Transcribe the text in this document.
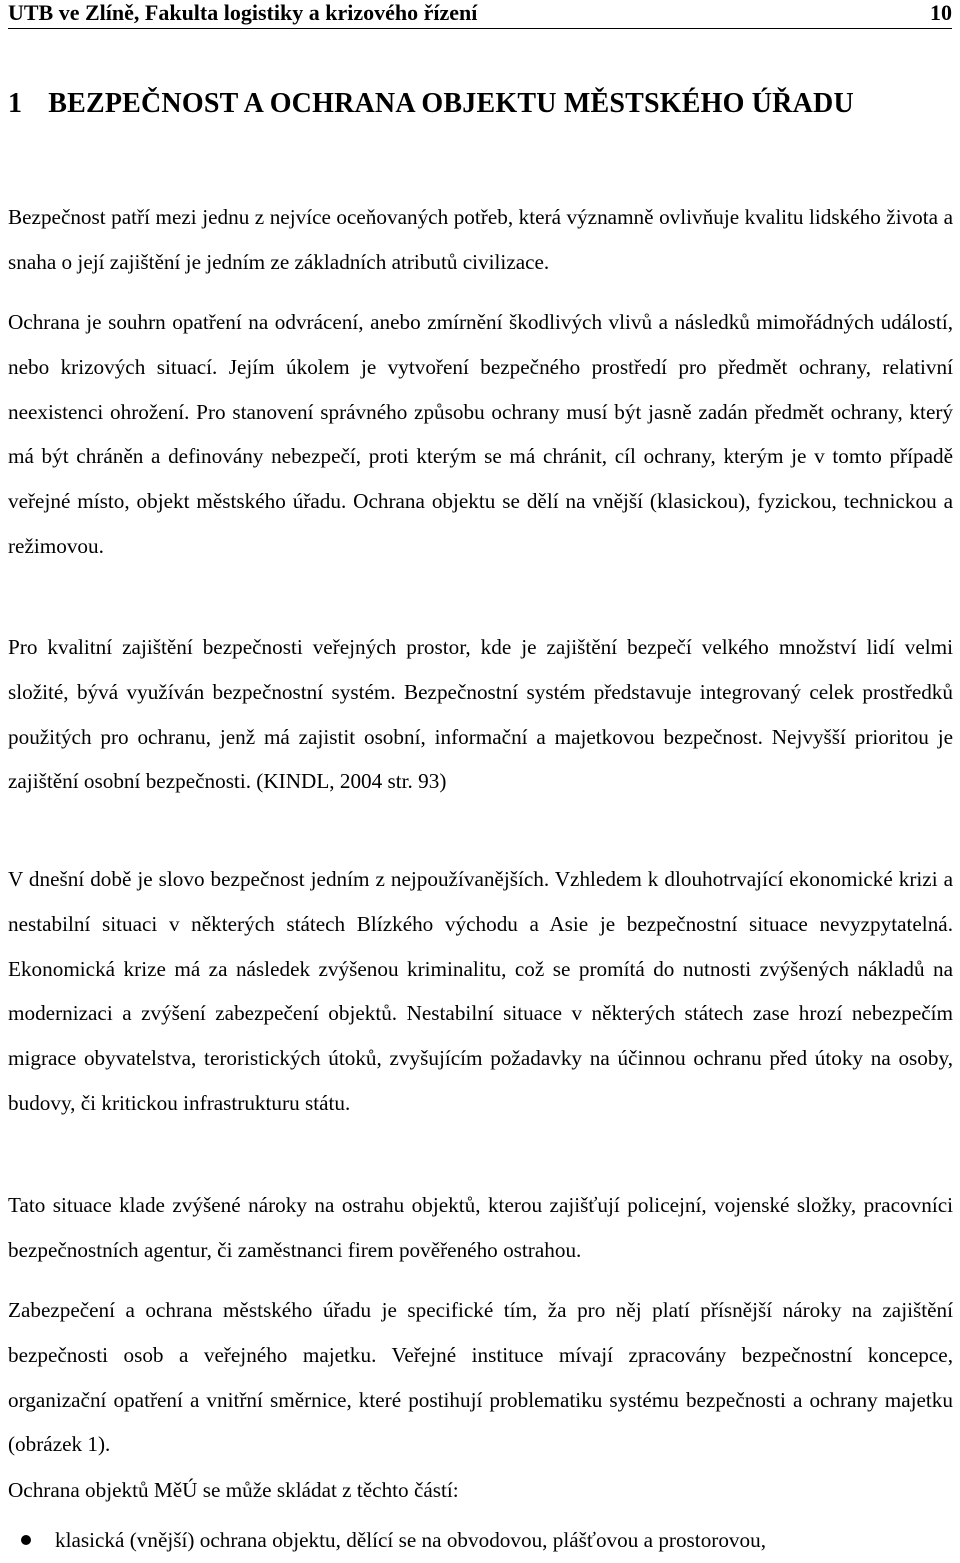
UTB ve Zlíně, Fakulta logistiky a krizového řízení	10
1 BEZPEČNOST A OCHRANA OBJEKTU MĚSTSKÉHO ÚŘADU

Bezpečnost patří mezi jednu z nejvíce oceňovaných potřeb, která významně ovlivňuje kvalitu lidského života a snaha o její zajištění je jedním ze základních atributů civilizace.

Ochrana je souhrn opatření na odvrácení, anebo zmírnění škodlivých vlivů a následků mimořádných událostí, nebo krizových situací. Jejím úkolem je vytvoření bezpečného prostředí pro předmět ochrany, relativní neexistenci ohrožení. Pro stanovení správného způsobu ochrany musí být jasně zadán předmět ochrany, který má být chráněn a definovány nebezpečí, proti kterým se má chránit, cíl ochrany, kterým je v tomto případě veřejné místo, objekt městského úřadu. Ochrana objektu se dělí na vnější (klasickou), fyzickou, technickou a režimovou.

Pro kvalitní zajištění bezpečnosti veřejných prostor, kde je zajištění bezpečí velkého množství lidí velmi složité, bývá využíván bezpečnostní systém. Bezpečnostní systém představuje integrovaný celek prostředků použitých pro ochranu, jenž má zajistit osobní, informační a majetkovou bezpečnost. Nejvyšší prioritou je zajištění osobní bezpečnosti. (KINDL, 2004 str. 93)

V dnešní době je slovo bezpečnost jedním z nejpoužívanějších. Vzhledem k dlouhotrvající ekonomické krizi a nestabilní situaci v některých státech Blízkého východu a Asie je bezpečnostní situace nevyzpytatelná. Ekonomická krize má za následek zvýšenou kriminalitu, což se promítá do nutnosti zvýšených nákladů na modernizaci a zvýšení zabezpečení objektů. Nestabilní situace v některých státech zase hrozí nebezpečím migrace obyvatelstva, teroristických útoků, zvyšujícím požadavky na účinnou ochranu před útoky na osoby, budovy, či kritickou infrastrukturu státu.

Tato situace klade zvýšené nároky na ostrahu objektů, kterou zajišťují policejní, vojenské složky, pracovníci bezpečnostních agentur, či zaměstnanci firem pověřeného ostrahou.

Zabezpečení a ochrana městského úřadu je specifické tím, ža pro něj platí přísnější nároky na zajištění bezpečnosti osob a veřejného majetku. Veřejné instituce mívají zpracovány bezpečnostní koncepce, organizační opatření a vnitřní směrnice, které postihují problematiku systému bezpečnosti a ochrany majetku (obrázek 1).

Ochrana objektů MěÚ se může skládat z těchto částí:

klasická (vnější) ochrana objektu, dělící se na obvodovou, plášťovou a prostorovou,
